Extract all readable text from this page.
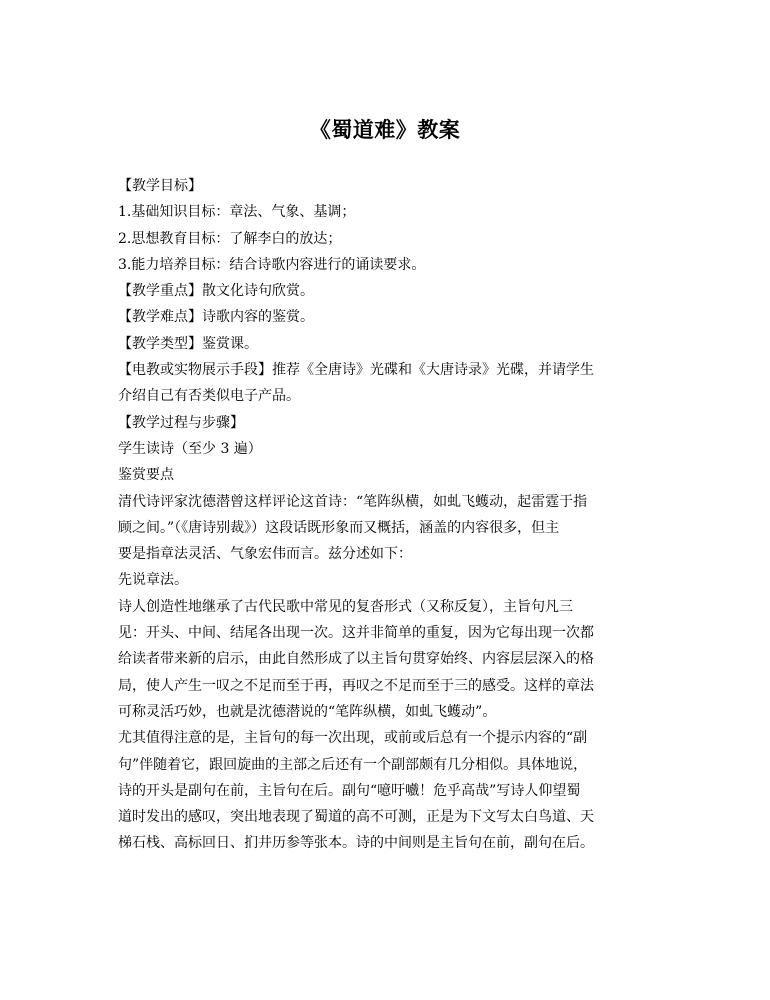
《蜀道难》教案
【教学目标】
1.基础知识目标：章法、气象、基调；
2.思想教育目标：了解李白的放达；
3.能力培养目标：结合诗歌内容进行的诵读要求。
【教学重点】散文化诗句欣赏。
【教学难点】诗歌内容的鉴赏。
【教学类型】鉴赏课。
【电教或实物展示手段】推荐《全唐诗》光碟和《大唐诗录》光碟，并请学生
介绍自己有否类似电子产品。
【教学过程与步骤】
学生读诗（至少 3 遍）
鉴赏要点
清代诗评家沈德潜曾这样评论这首诗：“笔阵纵横，如虬飞蠖动，起雷霆于指
顾之间。”（《唐诗别裁》）这段话既形象而又概括，涵盖的内容很多，但主
要是指章法灵活、气象宏伟而言。兹分述如下：
先说章法。
诗人创造性地继承了古代民歌中常见的复沓形式（又称反复），主旨句凡三
见：开头、中间、结尾各出现一次。这并非简单的重复，因为它每出现一次都
给读者带来新的启示，由此自然形成了以主旨句贯穿始终、内容层层深入的格
局，使人产生一叹之不足而至于再，再叹之不足而至于三的感受。这样的章法
可称灵活巧妙，也就是沈德潜说的“笔阵纵横，如虬飞蠖动”。
尤其值得注意的是，主旨句的每一次出现，或前或后总有一个提示内容的“副
句”伴随着它，跟回旋曲的主部之后还有一个副部颇有几分相似。具体地说，
诗的开头是副句在前，主旨句在后。副句“噫吁嚱！危乎高哉”写诗人仰望蜀
道时发出的感叹，突出地表现了蜀道的高不可测，正是为下文写太白鸟道、天
梯石栈、高标回日、扪井历参等张本。诗的中间则是主旨句在前，副句在后。
